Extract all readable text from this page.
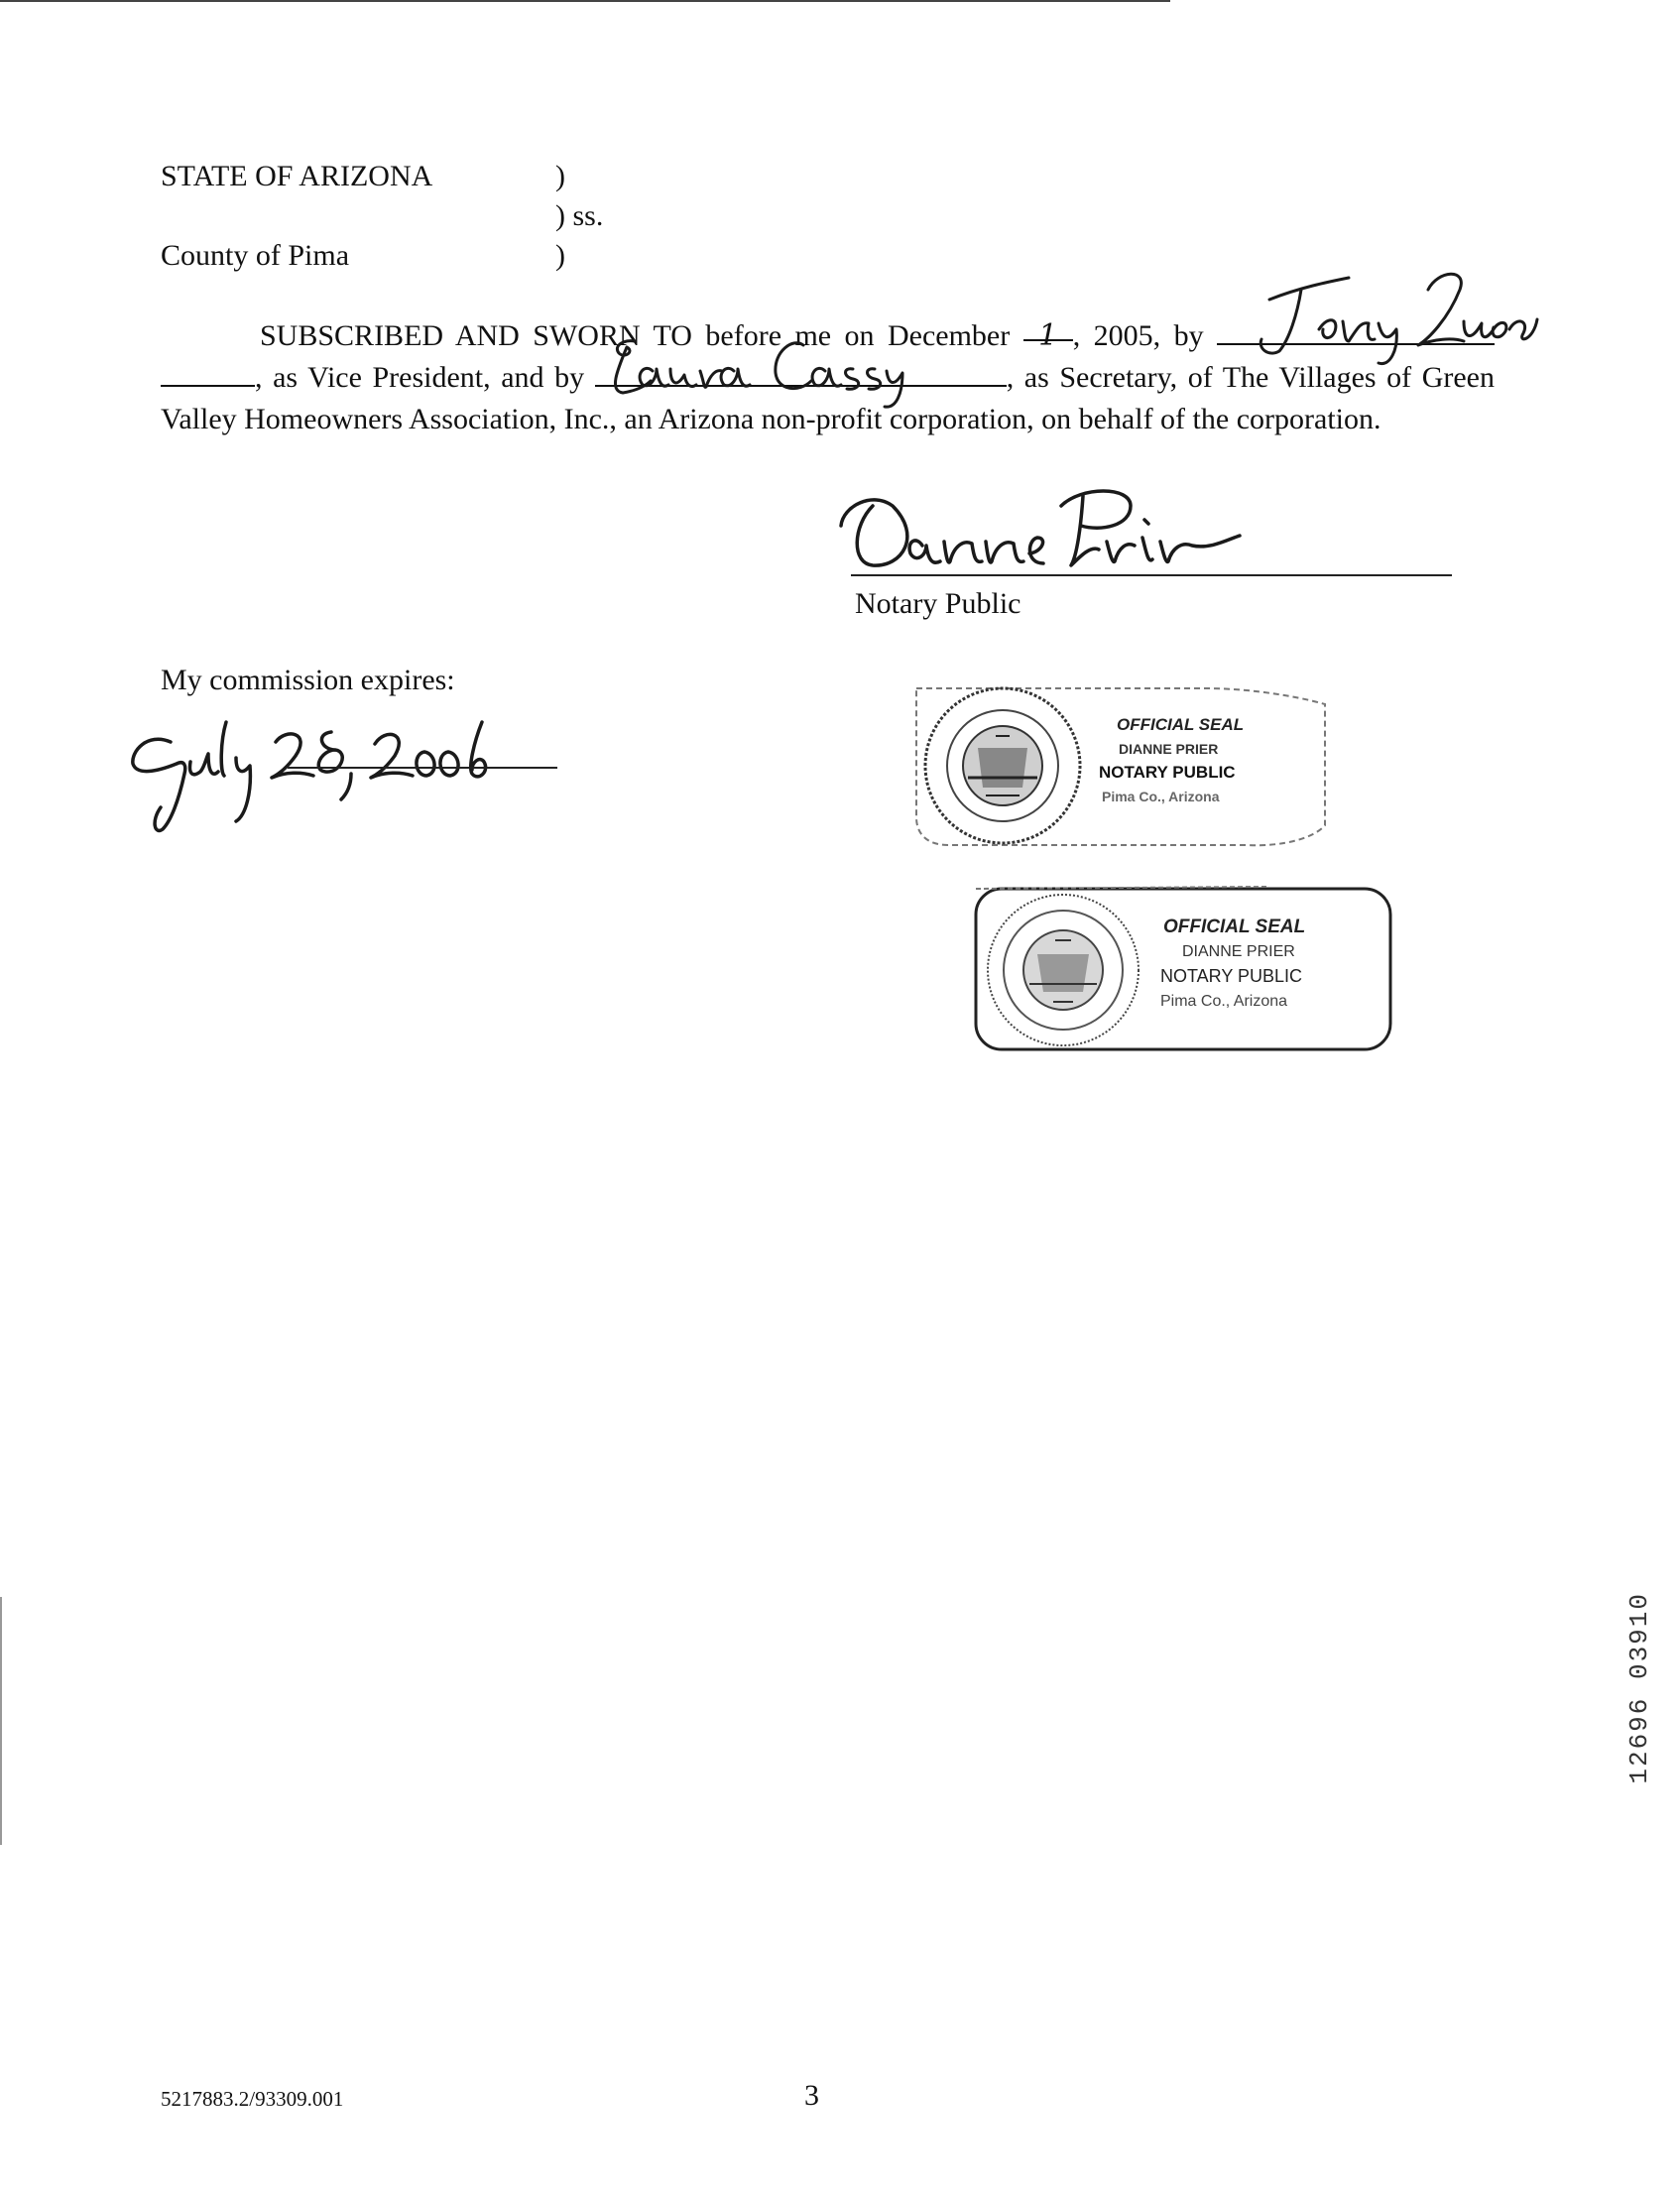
STATE OF ARIZONA	)
) ss.
County of Pima	)

SUBSCRIBED AND SWORN TO before me on December 1 , 2005, by  , as Vice President, and by	, as Secretary, of The Villages of Green Valley Homeowners Association, Inc., an Arizona non-profit corporation, on behalf of the corporation.

Notary Public
My commission expires:
OFFICIAL SEAL
DIANNE PRIER
NOTARY PUBLIC
Pima Co., Arizona
OFFICIAL SEAL
DIANNE PRIER
NOTARY PUBLIC
Pima Co., Arizona
12696 03910
5217883.2/93309.001	3
